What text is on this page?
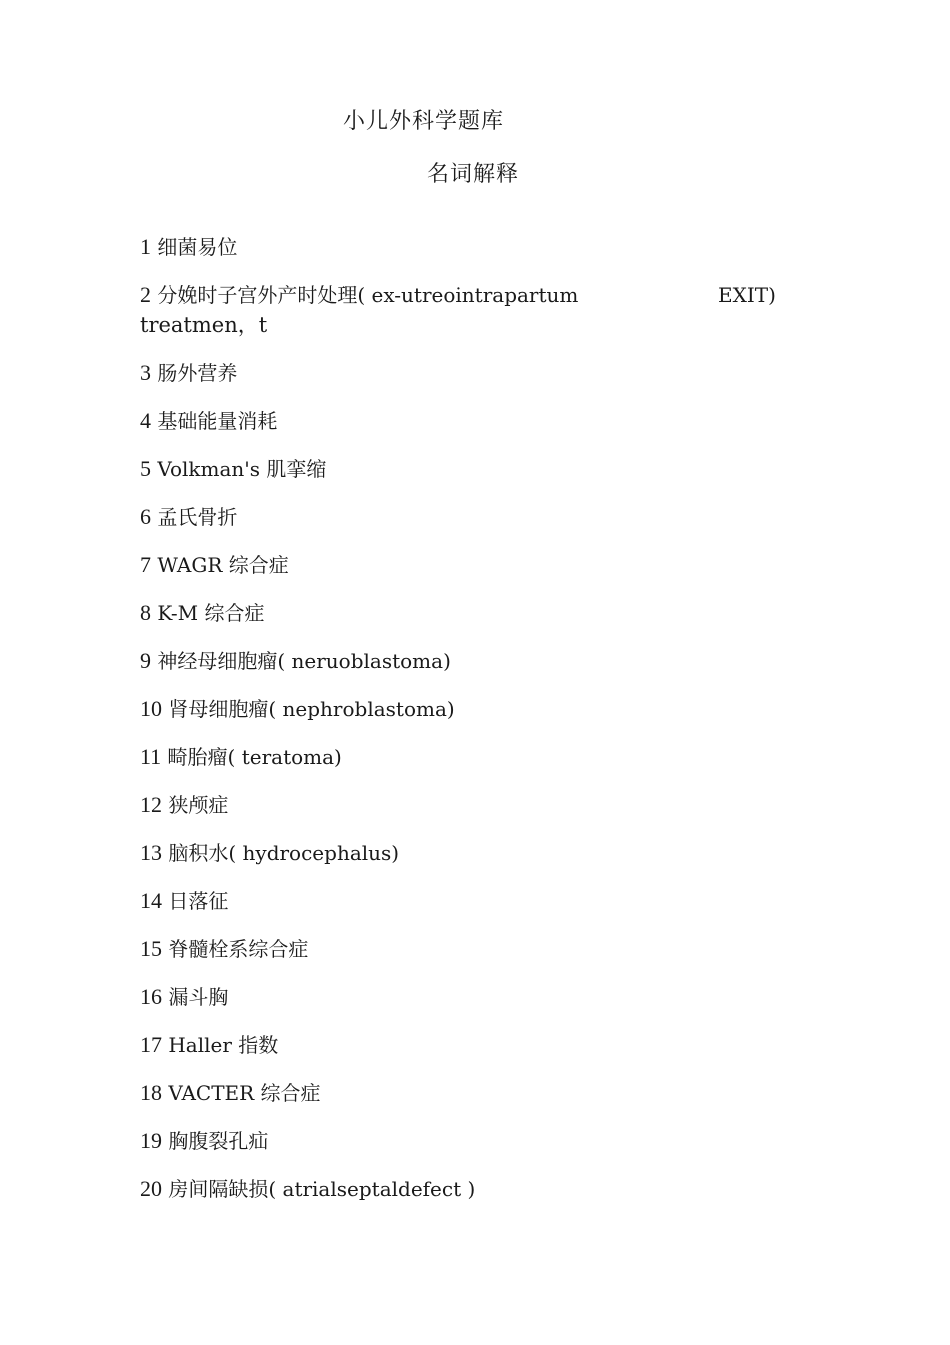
小儿外科学题库
名词解释
1 细菌易位
2 分娩时子宫外产时处理( ex-utreointrapartum	EXIT)
treatmen，t
3 肠外营养
4 基础能量消耗
5 Volkman's 肌挛缩
6 孟氏骨折
7 WAGR 综合症
8 K-M 综合症
9 神经母细胞瘤( neruoblastoma)
10 肾母细胞瘤( nephroblastoma)
11 畸胎瘤( teratoma)
12 狭颅症
13 脑积水( hydrocephalus)
14 日落征
15 脊髓栓系综合症
16 漏斗胸
17 Haller 指数
18 VACTER 综合症
19 胸腹裂孔疝
20 房间隔缺损( atrialseptaldefect )
